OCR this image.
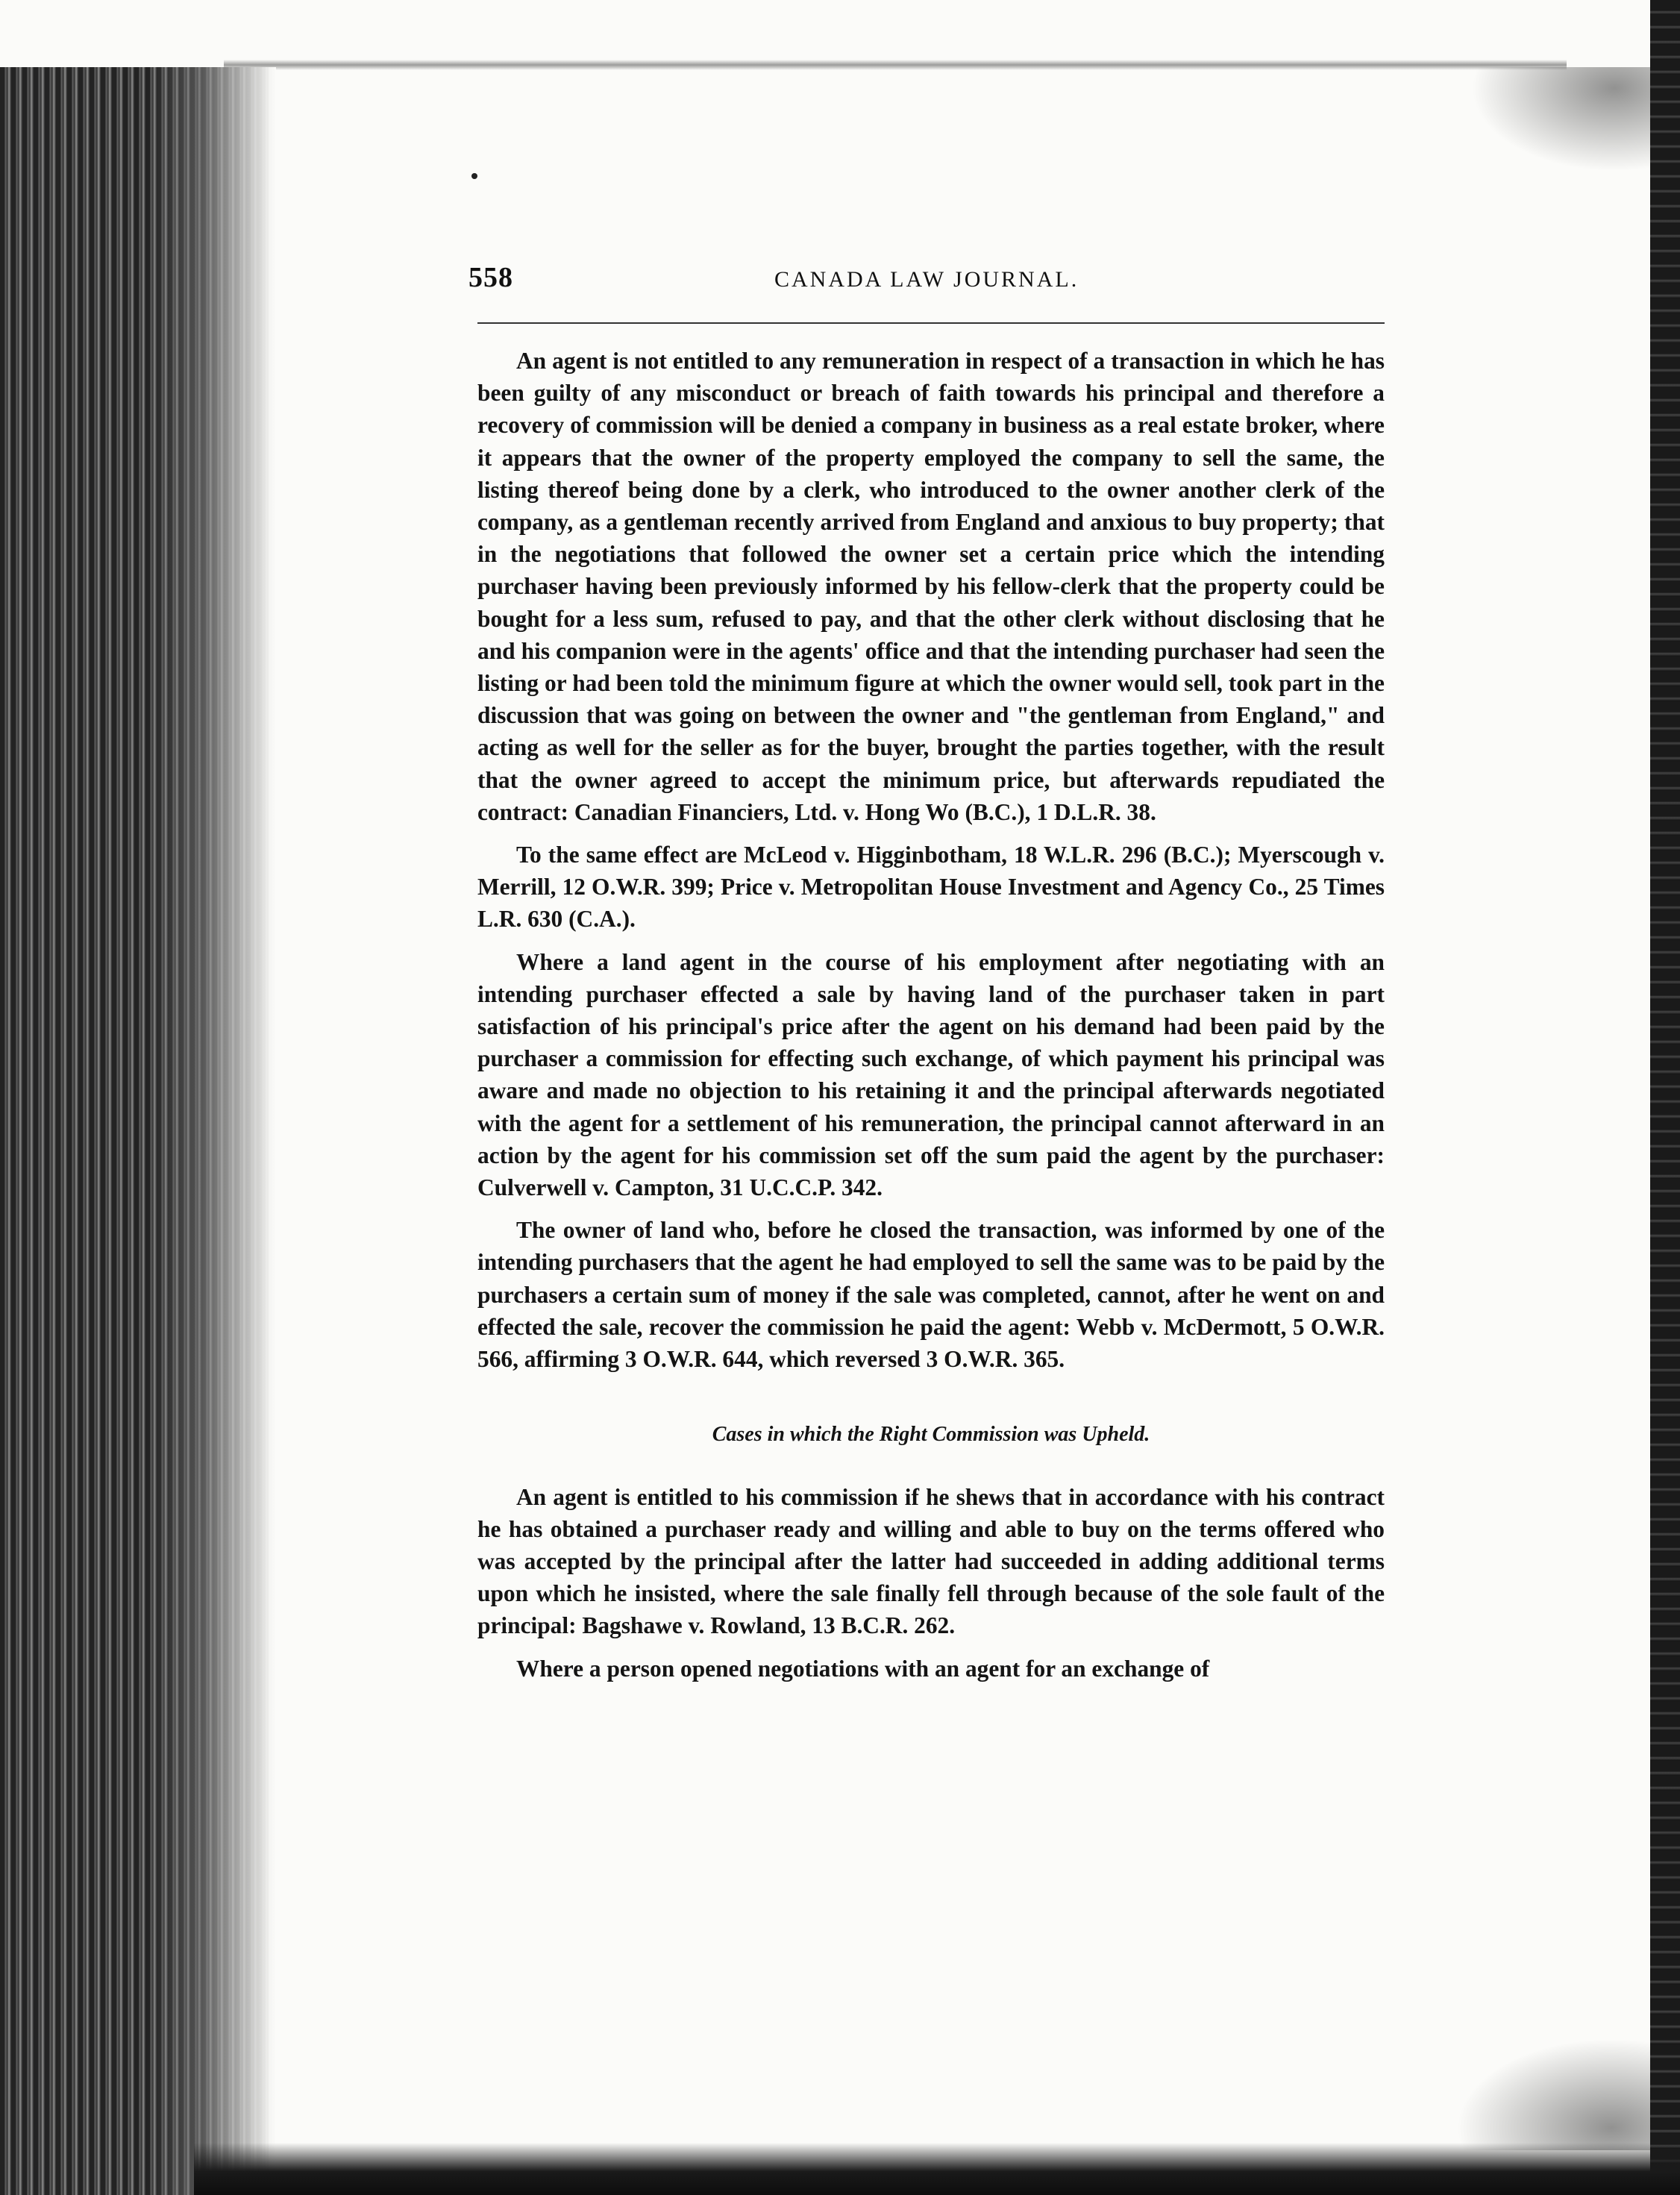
558	CANADA LAW JOURNAL.

An agent is not entitled to any remuneration in respect of a transaction in which he has been guilty of any misconduct or breach of faith towards his principal and therefore a recovery of commission will be denied a company in business as a real estate broker, where it appears that the owner of the property employed the company to sell the same, the listing thereof being done by a clerk, who introduced to the owner another clerk of the company, as a gentleman recently arrived from England and anxious to buy property; that in the negotiations that followed the owner set a certain price which the intending purchaser having been previously informed by his fellow-clerk that the property could be bought for a less sum, refused to pay, and that the other clerk without disclosing that he and his companion were in the agents' office and that the intending purchaser had seen the listing or had been told the minimum figure at which the owner would sell, took part in the discussion that was going on between the owner and "the gentleman from England," and acting as well for the seller as for the buyer, brought the parties together, with the result that the owner agreed to accept the minimum price, but afterwards repudiated the contract: Canadian Financiers, Ltd. v. Hong Wo (B.C.), 1 D.L.R. 38.

To the same effect are McLeod v. Higginbotham, 18 W.L.R. 296 (B.C.); Myerscough v. Merrill, 12 O.W.R. 399; Price v. Metropolitan House Investment and Agency Co., 25 Times L.R. 630 (C.A.).

Where a land agent in the course of his employment after negotiating with an intending purchaser effected a sale by having land of the purchaser taken in part satisfaction of his principal's price after the agent on his demand had been paid by the purchaser a commission for effecting such exchange, of which payment his principal was aware and made no objection to his retaining it and the principal afterwards negotiated with the agent for a settlement of his remuneration, the principal cannot afterward in an action by the agent for his commission set off the sum paid the agent by the purchaser: Culverwell v. Campton, 31 U.C.C.P. 342.

The owner of land who, before he closed the transaction, was informed by one of the intending purchasers that the agent he had employed to sell the same was to be paid by the purchasers a certain sum of money if the sale was completed, cannot, after he went on and effected the sale, recover the commission he paid the agent: Webb v. McDermott, 5 O.W.R. 566, affirming 3 O.W.R. 644, which reversed 3 O.W.R. 365.

Cases in which the Right Commission was Upheld.

An agent is entitled to his commission if he shews that in accordance with his contract he has obtained a purchaser ready and willing and able to buy on the terms offered who was accepted by the principal after the latter had succeeded in adding additional terms upon which he insisted, where the sale finally fell through because of the sole fault of the principal: Bagshawe v. Rowland, 13 B.C.R. 262.

Where a person opened negotiations with an agent for an exchange of
